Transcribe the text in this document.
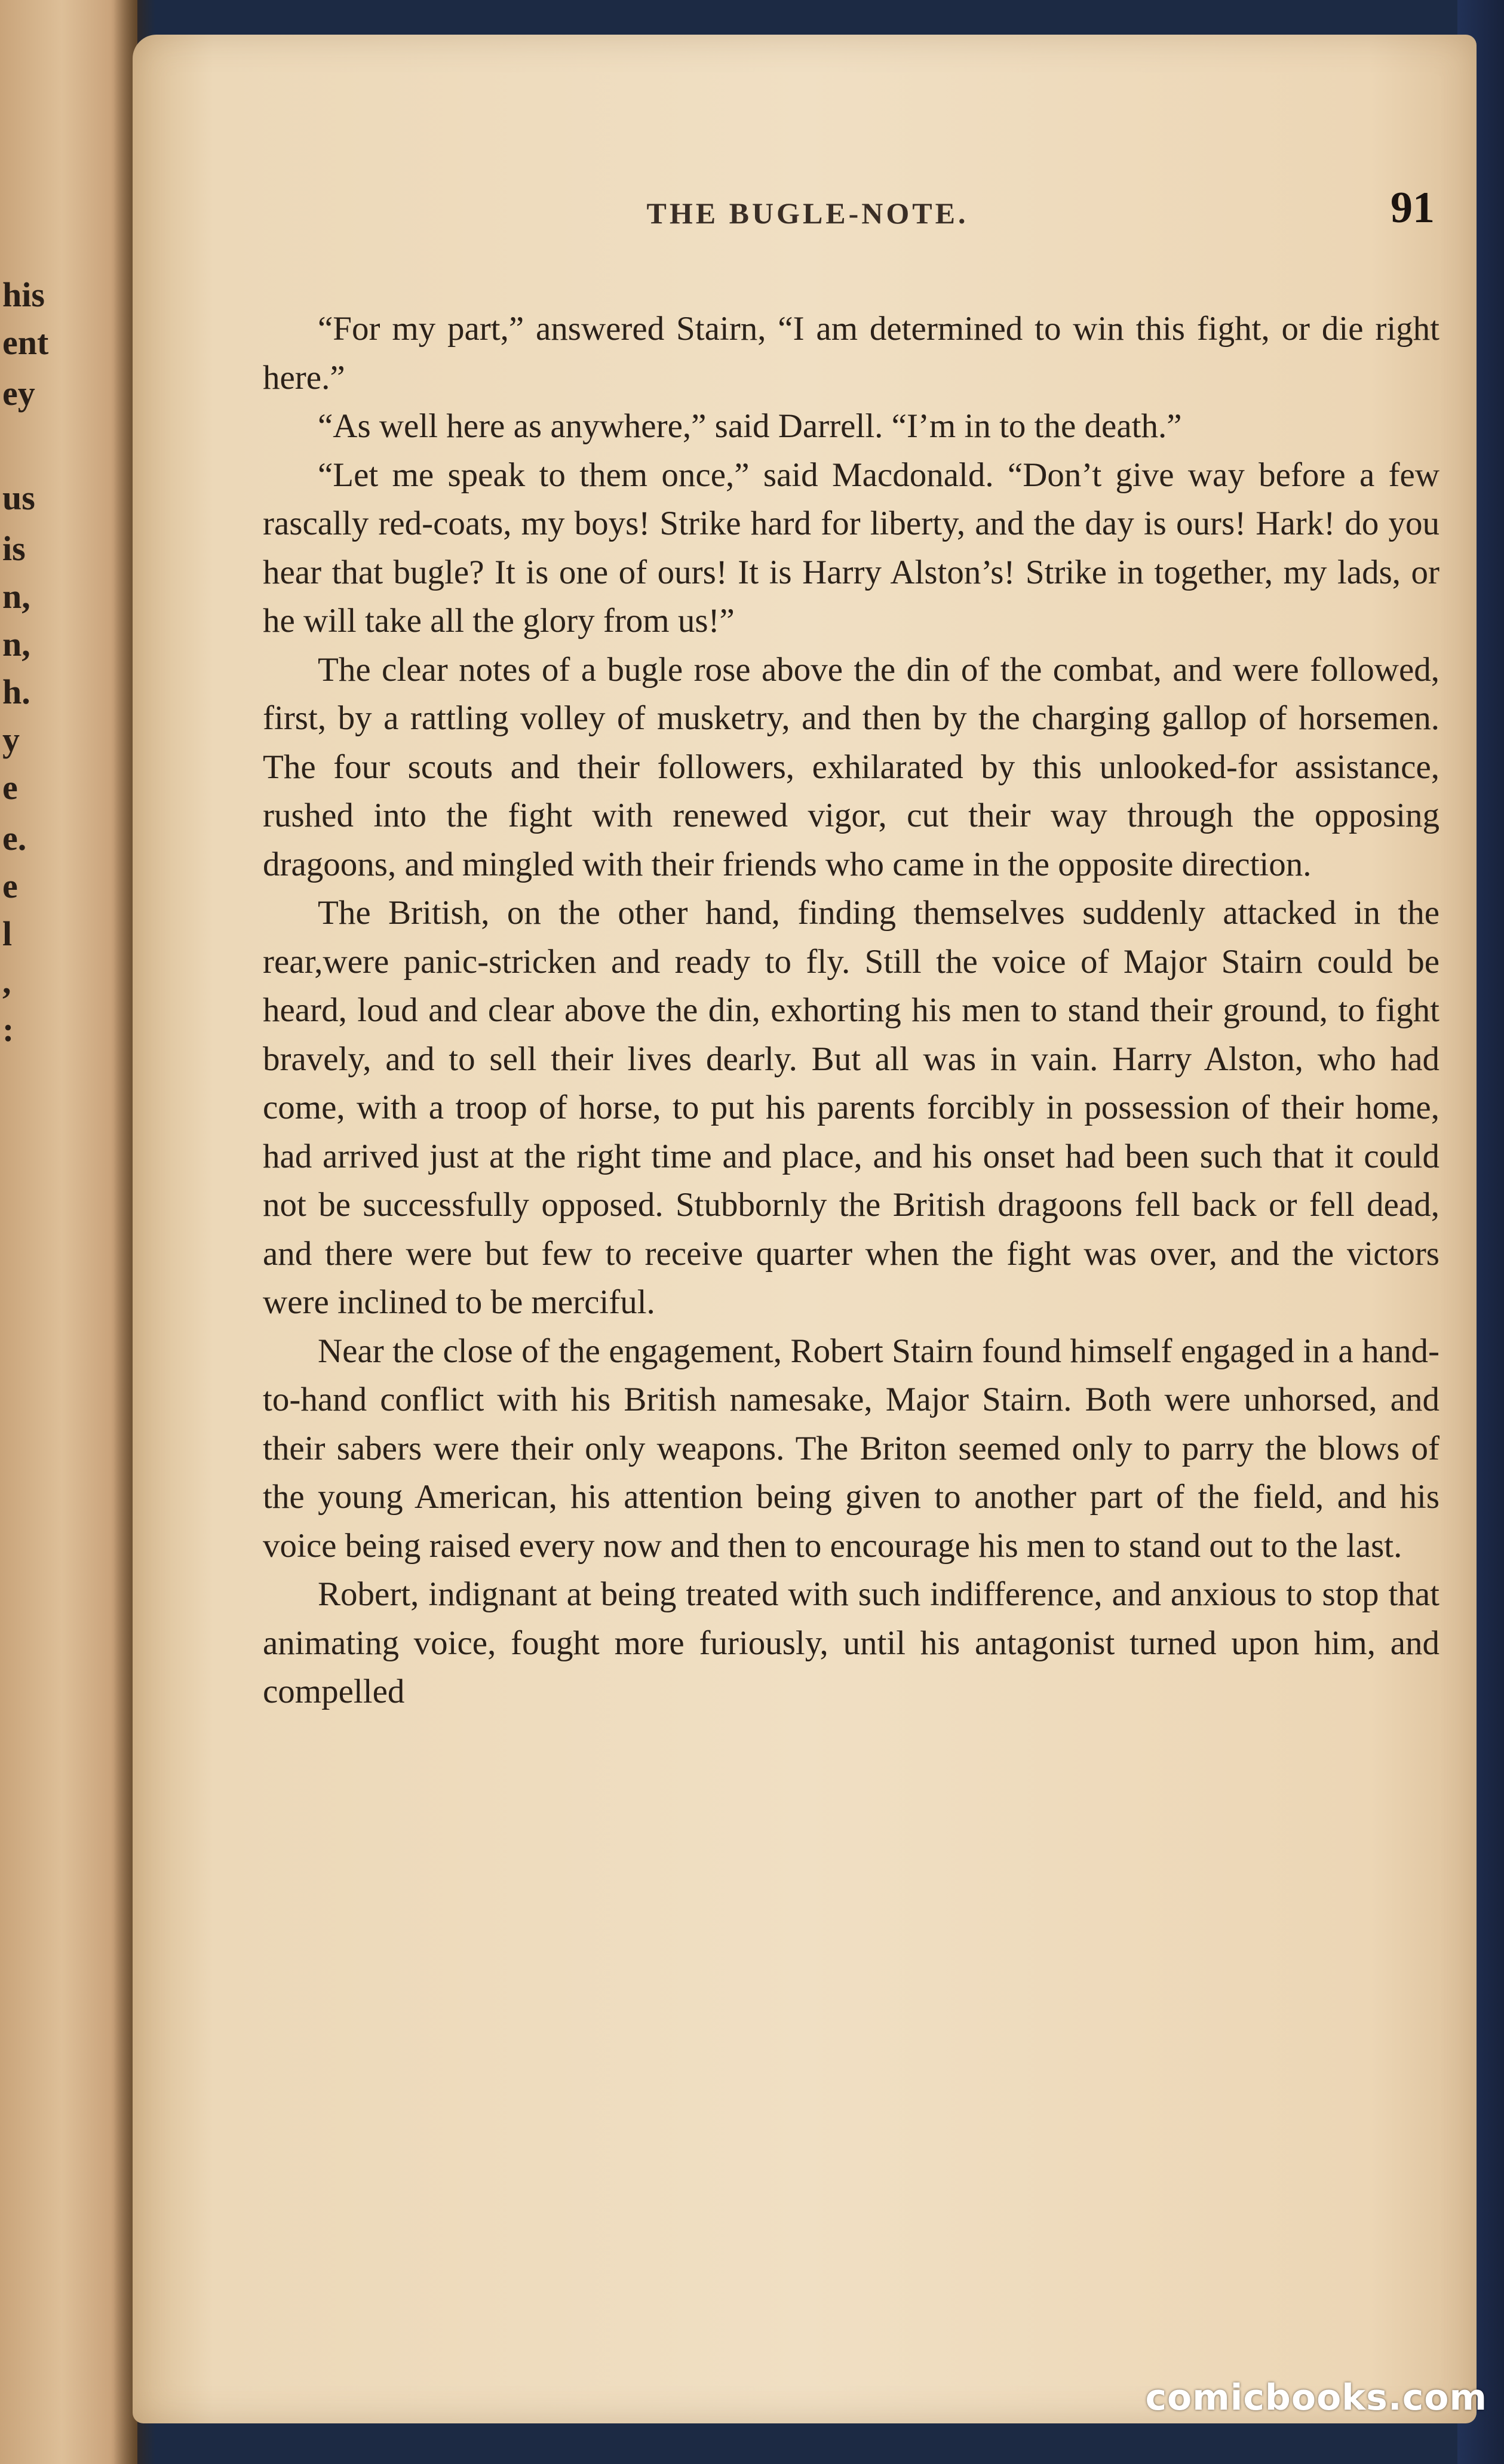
his
ent
ey
us
is
n,
n,
h.
y
e
e.
e
l
,
:
THE BUGLE-NOTE.	91

“For my part,” answered Stairn, “I am determined to win this fight, or die right here.”

“As well here as anywhere,” said Darrell. “I’m in to the death.”

“Let me speak to them once,” said Macdonald. “Don’t give way before a few rascally red-coats, my boys! Strike hard for liberty, and the day is ours! Hark! do you hear that bugle? It is one of ours! It is Harry Alston’s! Strike in together, my lads, or he will take all the glory from us!”

The clear notes of a bugle rose above the din of the combat, and were followed, first, by a rattling volley of musketry, and then by the charging gallop of horsemen. The four scouts and their followers, exhilarated by this unlooked-for assistance, rushed into the fight with renewed vigor, cut their way through the opposing dragoons, and mingled with their friends who came in the opposite direction.

The British, on the other hand, finding themselves suddenly attacked in the rear,were panic-stricken and ready to fly. Still the voice of Major Stairn could be heard, loud and clear above the din, exhorting his men to stand their ground, to fight bravely, and to sell their lives dearly. But all was in vain. Harry Alston, who had come, with a troop of horse, to put his parents forcibly in possession of their home, had arrived just at the right time and place, and his onset had been such that it could not be successfully opposed. Stubbornly the British dragoons fell back or fell dead, and there were but few to receive quarter when the fight was over, and the victors were inclined to be merciful.

Near the close of the engagement, Robert Stairn found himself engaged in a hand-to-hand conflict with his British namesake, Major Stairn. Both were unhorsed, and their sabers were their only weapons. The Briton seemed only to parry the blows of the young American, his attention being given to another part of the field, and his voice being raised every now and then to encourage his men to stand out to the last.

Robert, indignant at being treated with such indifference, and anxious to stop that animating voice, fought more furiously, until his antagonist turned upon him, and compelled

comicbooks.com
